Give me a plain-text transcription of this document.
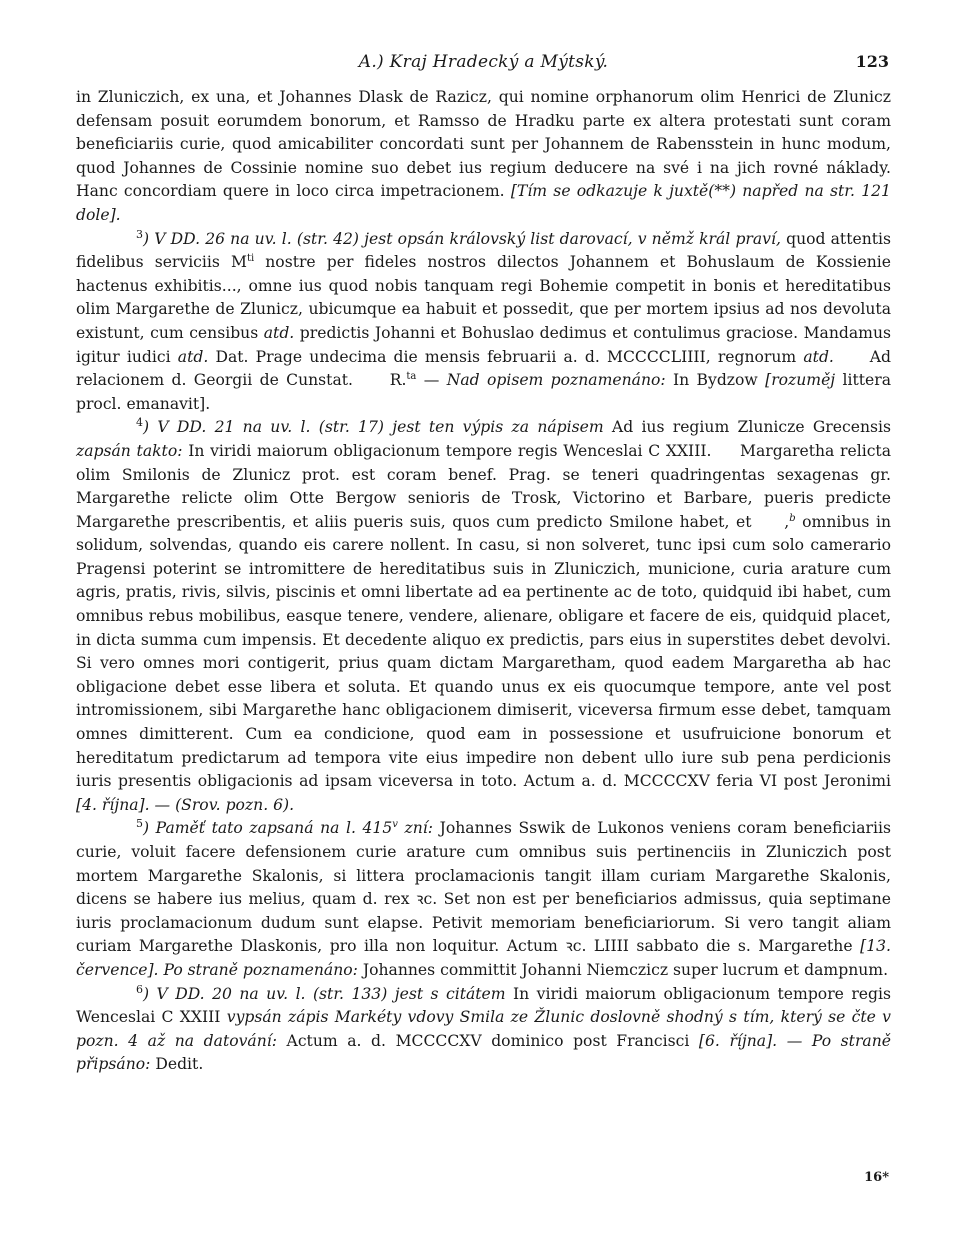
A.) Kraj Hradecký a Mýtský.	123

in Zluniczich, ex una, et Johannes Dlask de Razicz, qui nomine orphanorum olim Henrici de Zlunicz defensam posuit eorumdem bonorum, et Ramsso de Hradku parte ex altera protestati sunt coram beneficiariis curie, quod amicabiliter concordati sunt per Johannem de Rabensstein in hunc modum, quod Johannes de Cossinie nomine suo debet ius regium deducere na své i na jich rovné náklady. Hanc concordiam quere in loco circa impetracionem. [Tím se odkazuje k juxtě(**) napřed na str. 121 dole].

$^3$) V DD. 26 na uv. l. (str. 42) jest opsán královský list darovací, v němž král praví, quod attentis fidelibus serviciis $M^{ti}$ nostre per fideles nostros dilectos Johannem et Bohuslaum de Kossienie hactenus exhibitis..., omne ius quod nobis tanquam regi Bohemie competit in bonis et hereditatibus olim Margarethe de Zlunicz, ubicumque ea habuit et possedit, que per mortem ipsius ad nos devoluta existunt, cum censibus atd. predictis Johanni et Bohuslao dedimus et contulimus graciose. Mandamus igitur iudici atd. Dat. Prage undecima die mensis februarii a. d. MCCCCLIIII, regnorum atd.     Ad relacionem d. Georgii de Cunstat.     R.$^{ta}$ — Nad opisem poznamenáno: In Bydzow [rozuměj littera procl. emanavit].

$^4$) V DD. 21 na uv. l. (str. 17) jest ten výpis za nápisem Ad ius regium Zlunicze Grecensis zapsán takto: In viridi maiorum obligacionum tempore regis Wenceslai C XXIII.     Margaretha relicta olim Smilonis de Zlunicz prot. est coram benef. Prag. se teneri quadringentas sexagenas gr. Margarethe relicte olim Otte Bergow senioris de Trosk, Victorino et Barbare, pueris predicte Margarethe prescribentis, et aliis pueris suis, quos cum predicto Smilone habet, et     ,$^b$ omnibus in solidum, solvendas, quando eis carere nollent. In casu, si non solveret, tunc ipsi cum solo camerario Pragensi poterint se intromittere de hereditatibus suis in Zluniczich, municione, curia arature cum agris, pratis, rivis, silvis, piscinis et omni libertate ad ea pertinente ac de toto, quidquid ibi habet, cum omnibus rebus mobilibus, easque tenere, vendere, alienare, obligare et facere de eis, quidquid placet, in dicta summa cum impensis. Et decedente aliquo ex predictis, pars eius in superstites debet devolvi. Si vero omnes mori contigerit, prius quam dictam Margaretham, quod eadem Margaretha ab hac obligacione debet esse libera et soluta. Et quando unus ex eis quocumque tempore, ante vel post intromissionem, sibi Margarethe hanc obligacionem dimiserit, viceversa firmum esse debet, tamquam omnes dimitterent. Cum ea condicione, quod eam in possessione et usufruicione bonorum et hereditatum predictarum ad tempora vite eius impedire non debent ullo iure sub pena perdicionis iuris presentis obligacionis ad ipsam viceversa in toto. Actum a. d. MCCCCXV feria VI post Jeronimi [4. října]. — (Srov. pozn. 6).

$^5$) Paměť tato zapsaná na l. 415$^v$ zní: Johannes Sswik de Lukonos veniens coram beneficiariis curie, voluit facere defensionem curie arature cum omnibus suis pertinenciis in Zluniczich post mortem Margarethe Skalonis, si littera proclamacionis tangit illam curiam Margarethe Skalonis, dicens se habere ius melius, quam d. rex ꝛc. Set non est per beneficiarios admissus, quia septimane iuris proclamacionum dudum sunt elapse. Petivit memoriam beneficiariorum. Si vero tangit aliam curiam Margarethe Dlaskonis, pro illa non loquitur. Actum ꝛc. LIIII sabbato die s. Margarethe [13. července]. Po straně poznamenáno: Johannes committit Johanni Niemczicz super lucrum et dampnum.

$^6$) V DD. 20 na uv. l. (str. 133) jest s citátem In viridi maiorum obligacionum tempore regis Wenceslai C XXIII vypsán zápis Markéty vdovy Smila ze Žlunic doslovně shodný s tím, který se čte v pozn. 4 až na datování: Actum a. d. MCCCCXV dominico post Francisci [6. října]. — Po straně připsáno: Dedit.

16*
